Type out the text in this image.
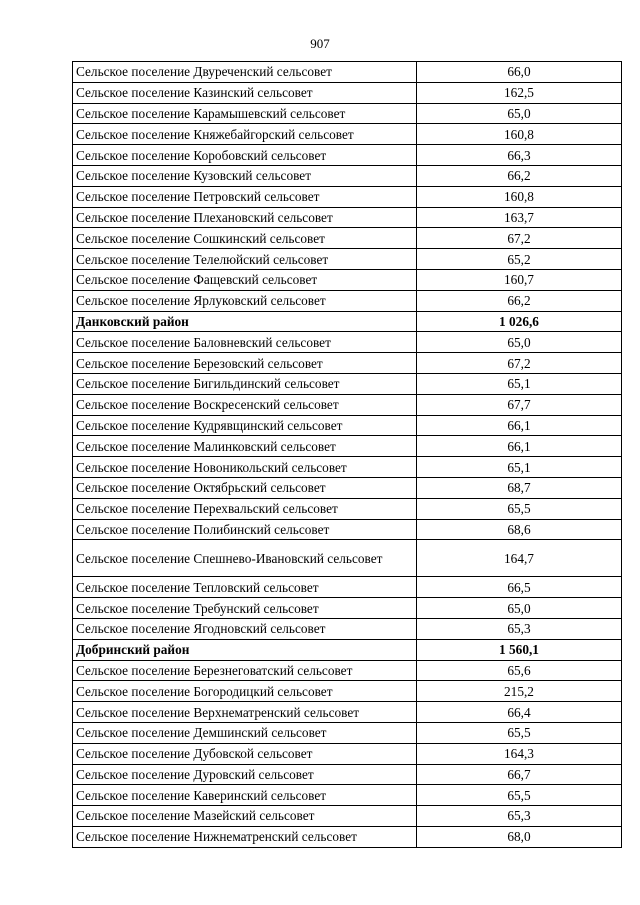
907
Сельское поселение Двуреченский сельсовет	66,0
Сельское поселение Казинский сельсовет	162,5
Сельское поселение Карамышевский сельсовет	65,0
Сельское поселение Княжебайгорский сельсовет	160,8
Сельское поселение Коробовский сельсовет	66,3
Сельское поселение Кузовский сельсовет	66,2
Сельское поселение Петровский сельсовет	160,8
Сельское поселение Плехановский сельсовет	163,7
Сельское поселение Сошкинский сельсовет	67,2
Сельское поселение Телелюйский сельсовет	65,2
Сельское поселение Фащевский сельсовет	160,7
Сельское поселение Ярлуковский сельсовет	66,2
Данковский район	1 026,6
Сельское поселение Баловневский сельсовет	65,0
Сельское поселение Березовский сельсовет	67,2
Сельское поселение Бигильдинский сельсовет	65,1
Сельское поселение Воскресенский сельсовет	67,7
Сельское поселение Кудрявщинский сельсовет	66,1
Сельское поселение Малинковский сельсовет	66,1
Сельское поселение Новоникольский сельсовет	65,1
Сельское поселение Октябрьский сельсовет	68,7
Сельское поселение Перехвальский сельсовет	65,5
Сельское поселение Полибинский сельсовет	68,6
Сельское поселение Спешнево-Ивановский сельсовет	164,7
Сельское поселение Тепловский сельсовет	66,5
Сельское поселение Требунский сельсовет	65,0
Сельское поселение Ягодновский сельсовет	65,3
Добринский район	1 560,1
Сельское поселение Березнеговатский сельсовет	65,6
Сельское поселение Богородицкий сельсовет	215,2
Сельское поселение Верхнематренский сельсовет	66,4
Сельское поселение Демшинский сельсовет	65,5
Сельское поселение Дубовской сельсовет	164,3
Сельское поселение Дуровский сельсовет	66,7
Сельское поселение Каверинский сельсовет	65,5
Сельское поселение Мазейский сельсовет	65,3
Сельское поселение Нижнематренский сельсовет	68,0
